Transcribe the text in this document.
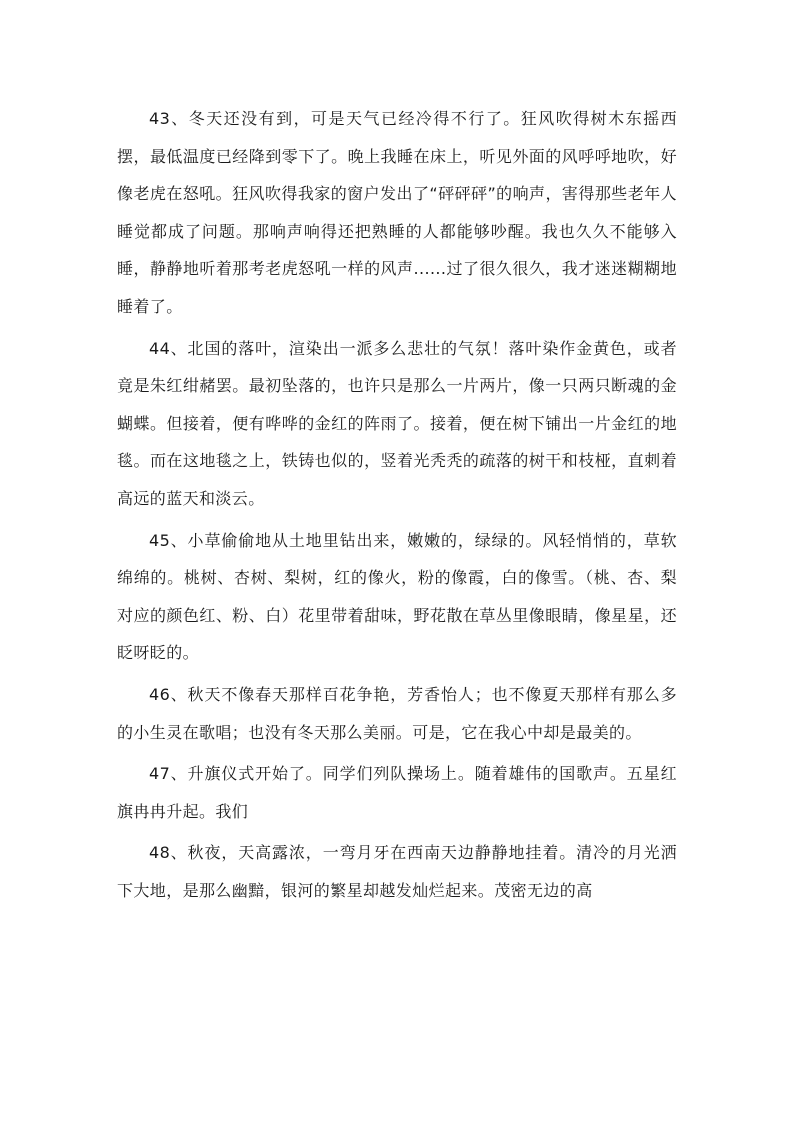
43、冬天还没有到，可是天气已经冷得不行了。狂风吹得树木东摇西摆，最低温度已经降到零下了。晚上我睡在床上，听见外面的风呼呼地吹，好像老虎在怒吼。狂风吹得我家的窗户发出了“砰砰砰”的响声，害得那些老年人睡觉都成了问题。那响声响得还把熟睡的人都能够吵醒。我也久久不能够入睡，静静地听着那考老虎怒吼一样的风声......过了很久很久，我才迷迷糊糊地睡着了。

44、北国的落叶，渲染出一派多么悲壮的气氛！落叶染作金黄色，或者竟是朱红绀赭罢。最初坠落的，也许只是那么一片两片，像一只两只断魂的金蝴蝶。但接着，便有哗哗的金红的阵雨了。接着，便在树下铺出一片金红的地毯。而在这地毯之上，铁铸也似的，竖着光秃秃的疏落的树干和枝桠，直刺着高远的蓝天和淡云。

45、小草偷偷地从土地里钻出来，嫩嫩的，绿绿的。风轻悄悄的，草软绵绵的。桃树、杏树、梨树，红的像火，粉的像霞，白的像雪。（桃、杏、梨对应的颜色红、粉、白）花里带着甜味，野花散在草丛里像眼睛，像星星，还眨呀眨的。

46、秋天不像春天那样百花争艳，芳香怡人；也不像夏天那样有那么多的小生灵在歌唱；也没有冬天那么美丽。可是，它在我心中却是最美的。

47、升旗仪式开始了。同学们列队操场上。随着雄伟的国歌声。五星红旗冉冉升起。我们

48、秋夜，天高露浓，一弯月牙在西南天边静静地挂着。清冷的月光洒下大地，是那么幽黯，银河的繁星却越发灿烂起来。茂密无边的高
